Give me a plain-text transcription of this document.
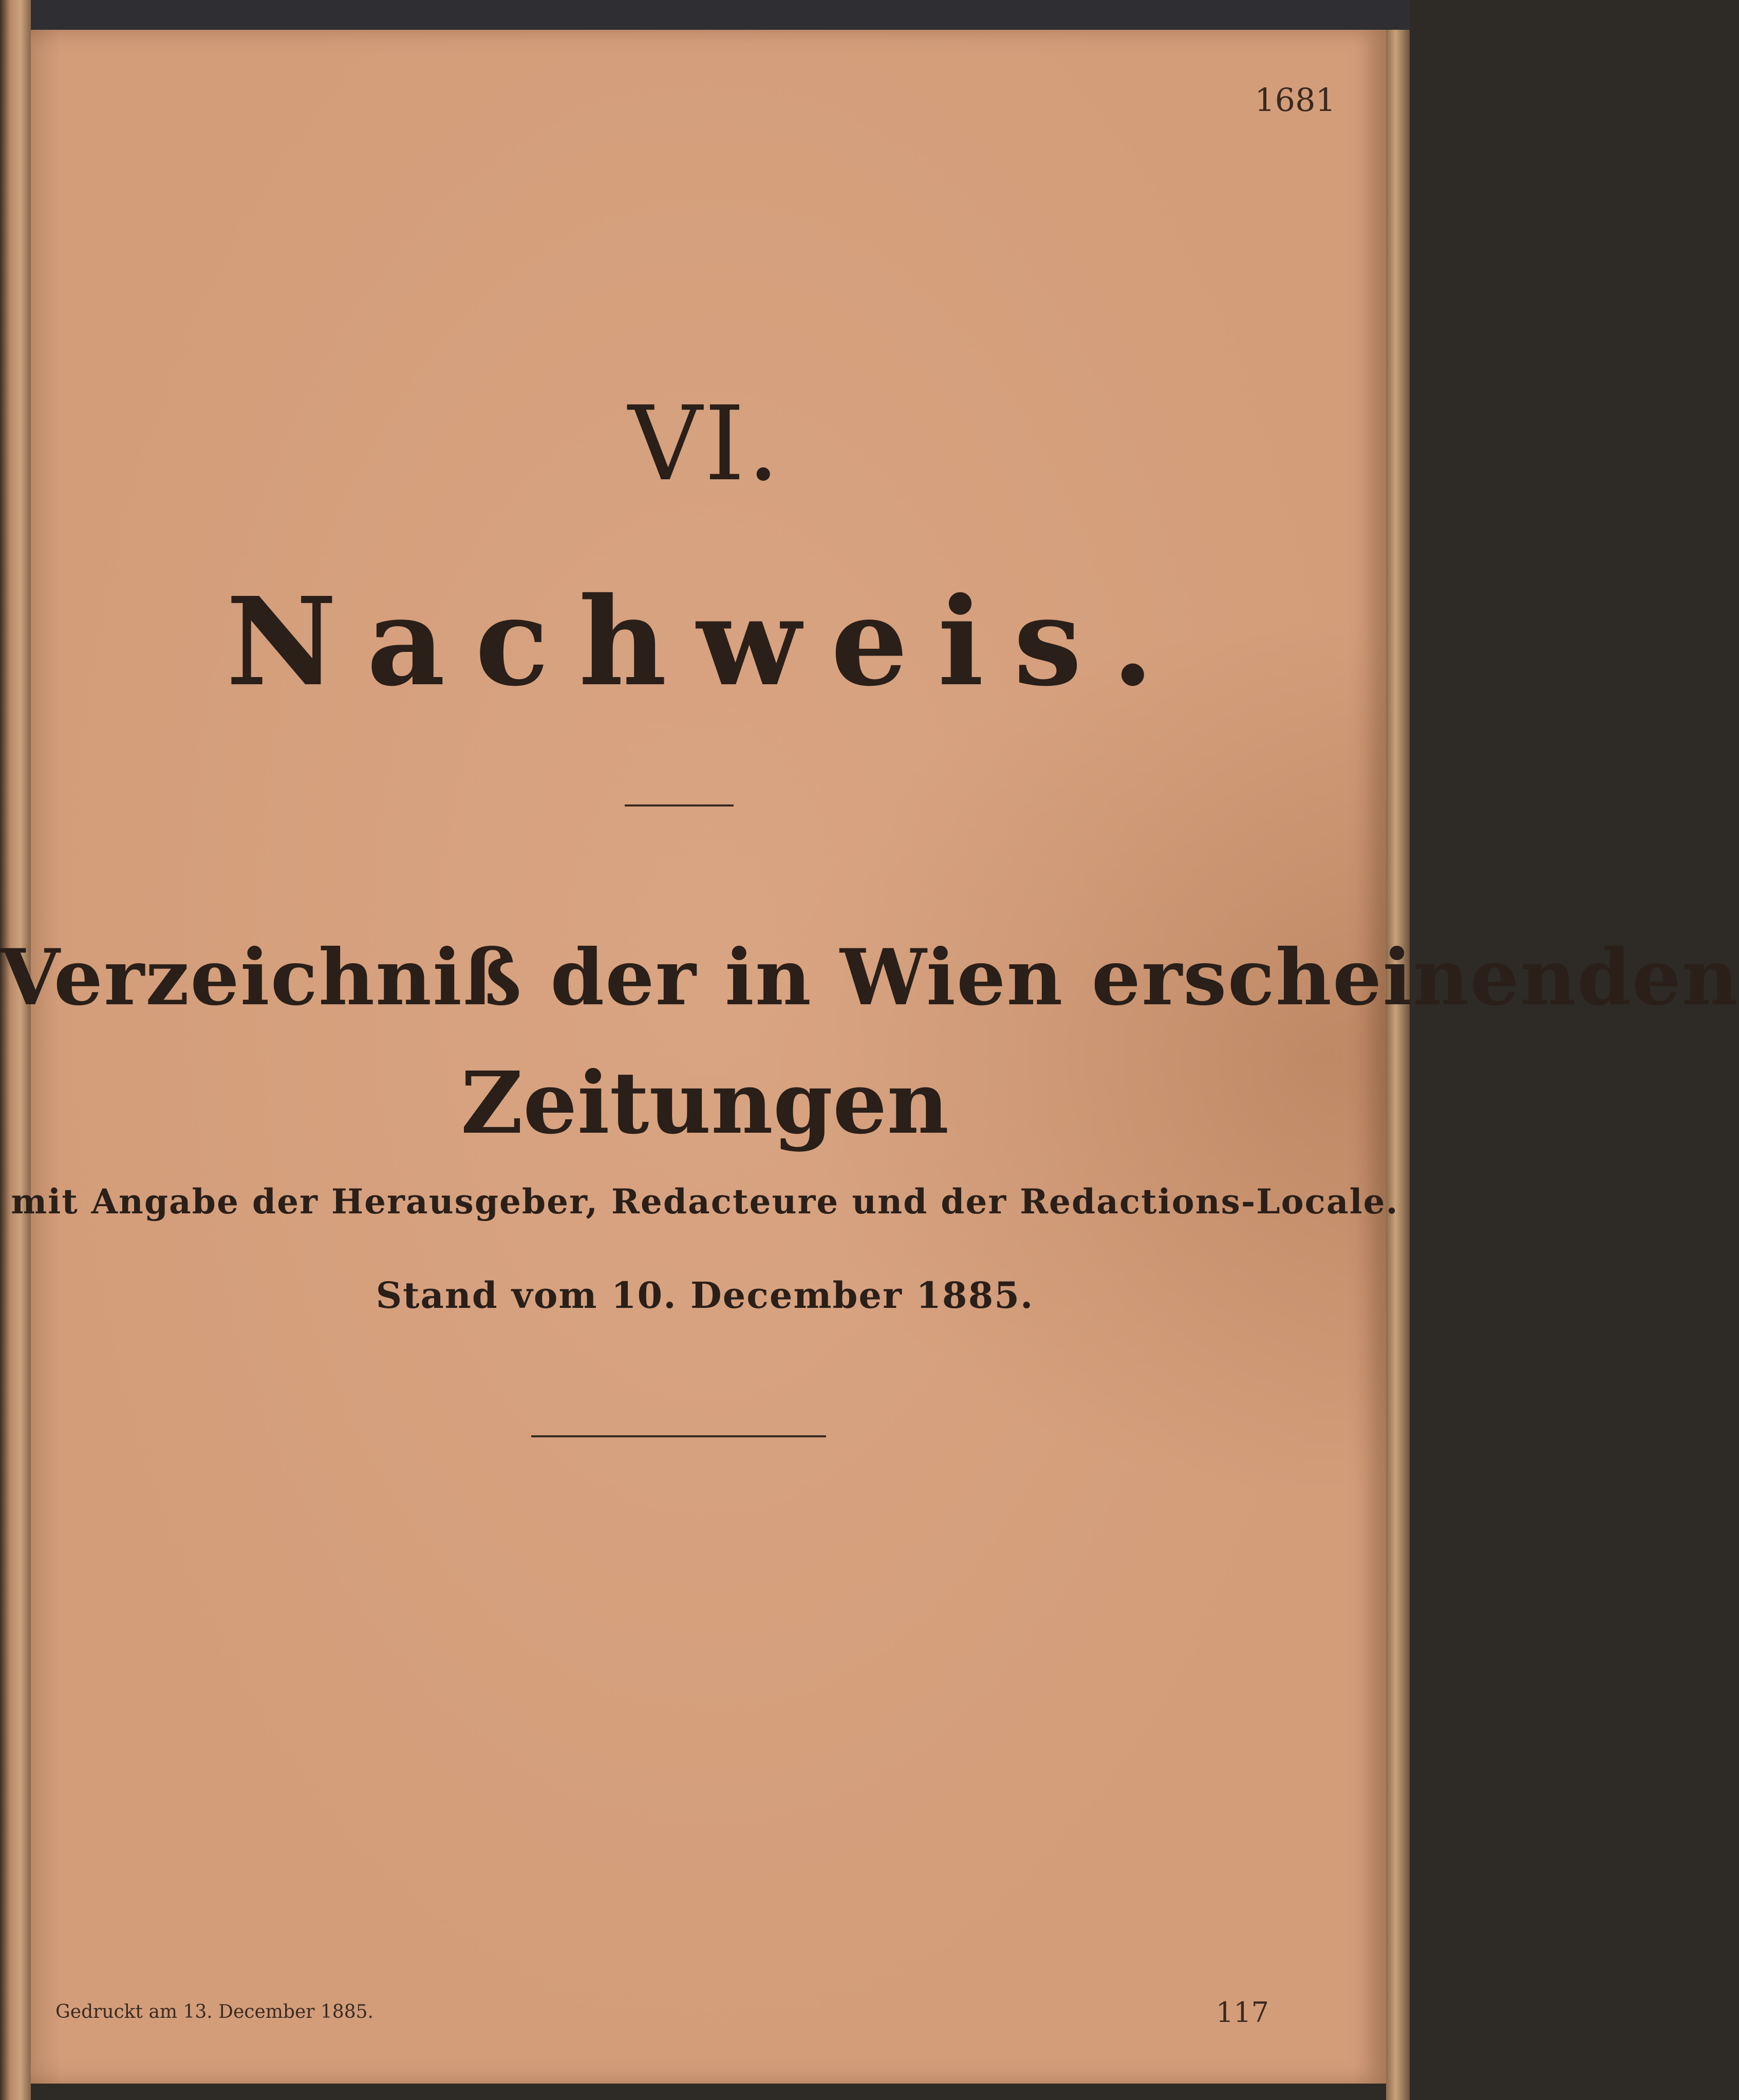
1681
VI.
Nachweis.
Verzeichniß der in Wien erscheinenden
Zeitungen
mit Angabe der Herausgeber, Redacteure und der Redactions-Locale.
Stand vom 10. December 1885.
Gedruckt am 13. December 1885.	117
